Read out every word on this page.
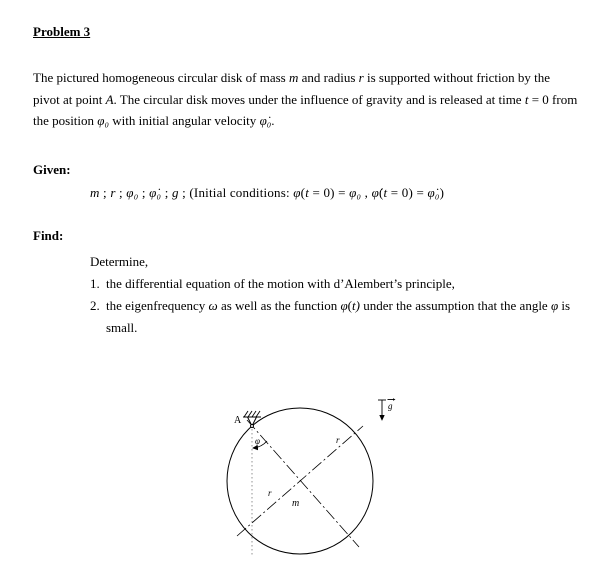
Problem 3

The pictured homogeneous circular disk of mass m and radius r is supported without friction by the pivot at point A. The circular disk moves under the influence of gravity and is released at time t = 0 from the position φ₀ with initial angular velocity φ̇₀.

Given:
m ; r ; φ₀ ; φ̇₀ ; g ; (Initial conditions: φ(t = 0) = φ₀ , φ̇(t = 0) = φ̇₀)
Find:
Determine,
1. the differential equation of the motion with d’Alembert’s principle,
2. the eigenfrequency ω as well as the function φ(t) under the assumption that the angle φ is small.
A
φ	r
r
m
g
